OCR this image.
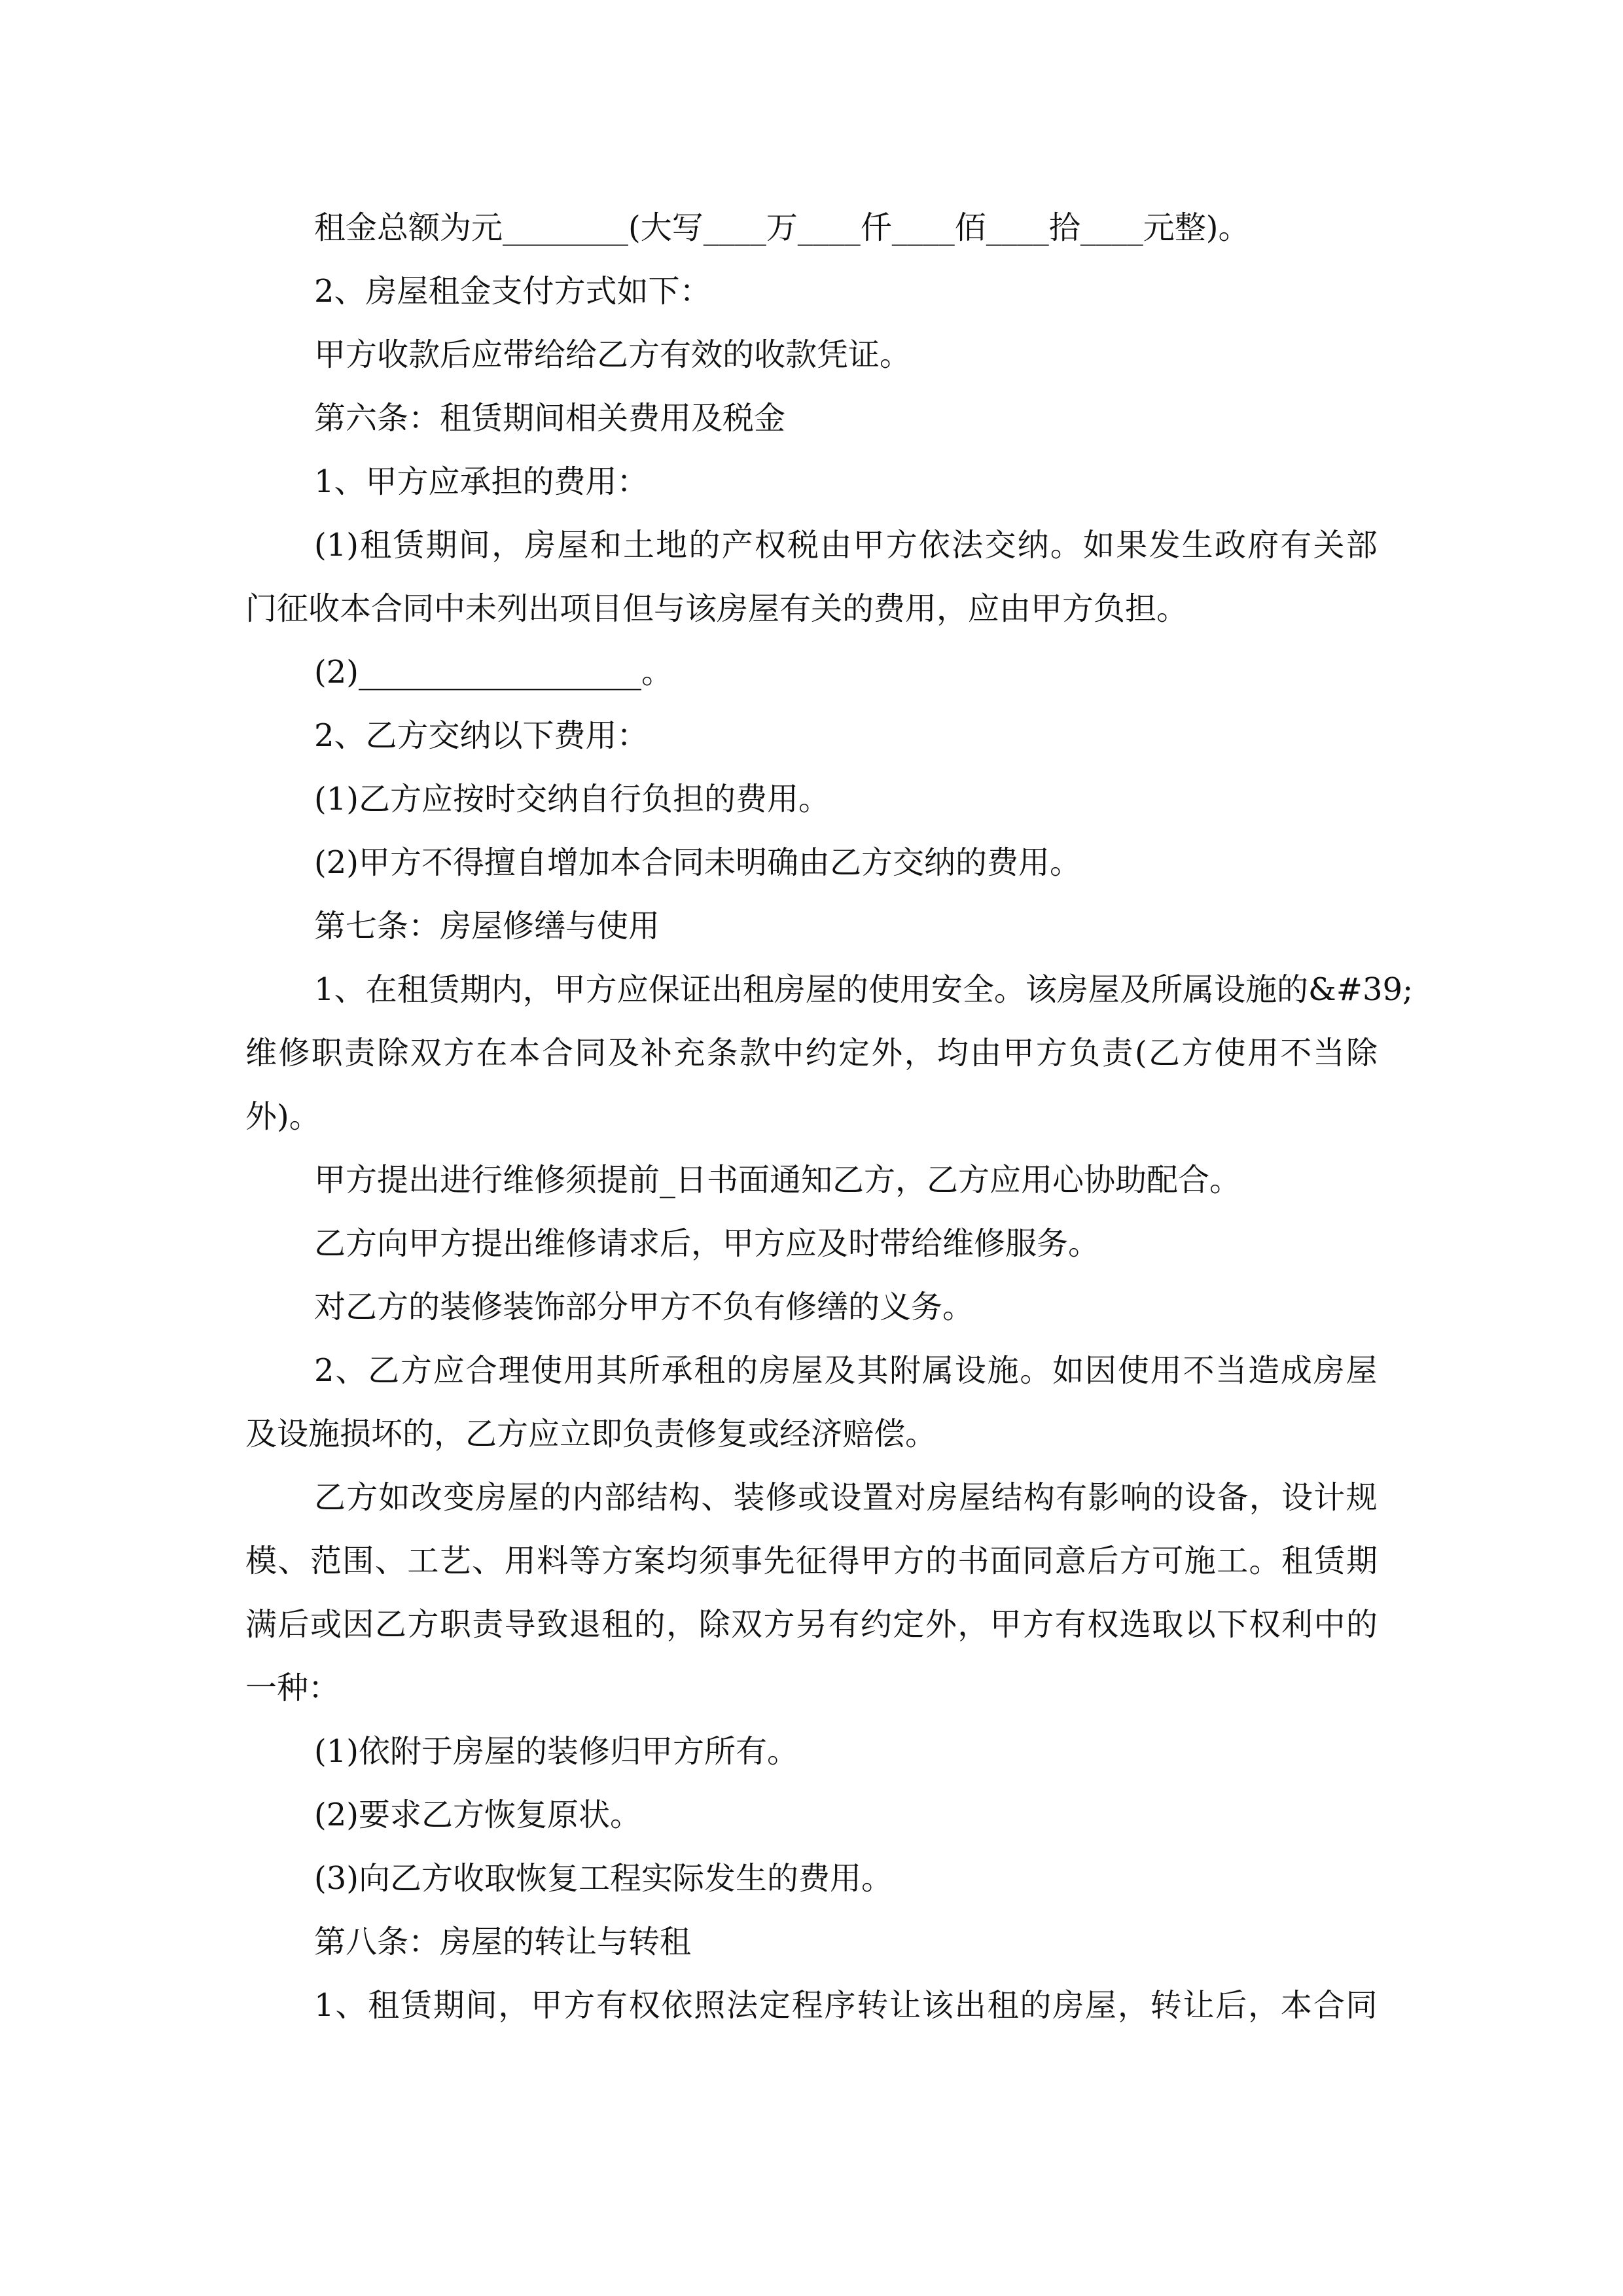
租金总额为元________(大写____万____仟____佰____拾____元整)。
2、房屋租金支付方式如下：
甲方收款后应带给给乙方有效的收款凭证。
第六条：租赁期间相关费用及税金
1、甲方应承担的费用：
(1) 租 赁 期 间 ， 房 屋 和 土 地 的 产 权 税 由 甲 方 依 法 交 纳 。 如 果 发 生 政 府 有 关 部
门征收本合同中未列出项目但与该房屋有关的费用，应由甲方负担。
(2)__________________。
2、乙方交纳以下费用：
(1)乙方应按时交纳自行负担的费用。
(2)甲方不得擅自增加本合同未明确由乙方交纳的费用。
第七条：房屋修缮与使用
1 、 在 租 赁 期 内 ， 甲 方 应 保 证 出 租 房 屋 的 使 用 安 全 。 该 房 屋 及 所 属 设 施 的 &#39;
维 修 职 责 除 双 方 在 本 合 同 及 补 充 条 款 中 约 定 外 ， 均 由 甲 方 负 责 ( 乙 方 使 用 不 当 除
外)。
甲方提出进行维修须提前_日书面通知乙方，乙方应用心协助配合。
乙方向甲方提出维修请求后，甲方应及时带给维修服务。
对乙方的装修装饰部分甲方不负有修缮的义务。
2 、 乙 方 应 合 理 使 用 其 所 承 租 的 房 屋 及 其 附 属 设 施 。 如 因 使 用 不 当 造 成 房 屋
及设施损坏的，乙方应立即负责修复或经济赔偿。
乙 方 如 改 变 房 屋 的 内 部 结 构 、 装 修 或 设 置 对 房 屋 结 构 有 影 响 的 设 备 ， 设 计 规
模 、 范 围 、 工 艺 、 用 料 等 方 案 均 须 事 先 征 得 甲 方 的 书 面 同 意 后 方 可 施 工 。 租 赁 期
满 后 或 因 乙 方 职 责 导 致 退 租 的 ， 除 双 方 另 有 约 定 外 ， 甲 方 有 权 选 取 以 下 权 利 中 的
一种：
(1)依附于房屋的装修归甲方所有。
(2)要求乙方恢复原状。
(3)向乙方收取恢复工程实际发生的费用。
第八条：房屋的转让与转租
1 、 租 赁 期 间 ， 甲 方 有 权 依 照 法 定 程 序 转 让 该 出 租 的 房 屋 ， 转 让 后 ， 本 合 同
